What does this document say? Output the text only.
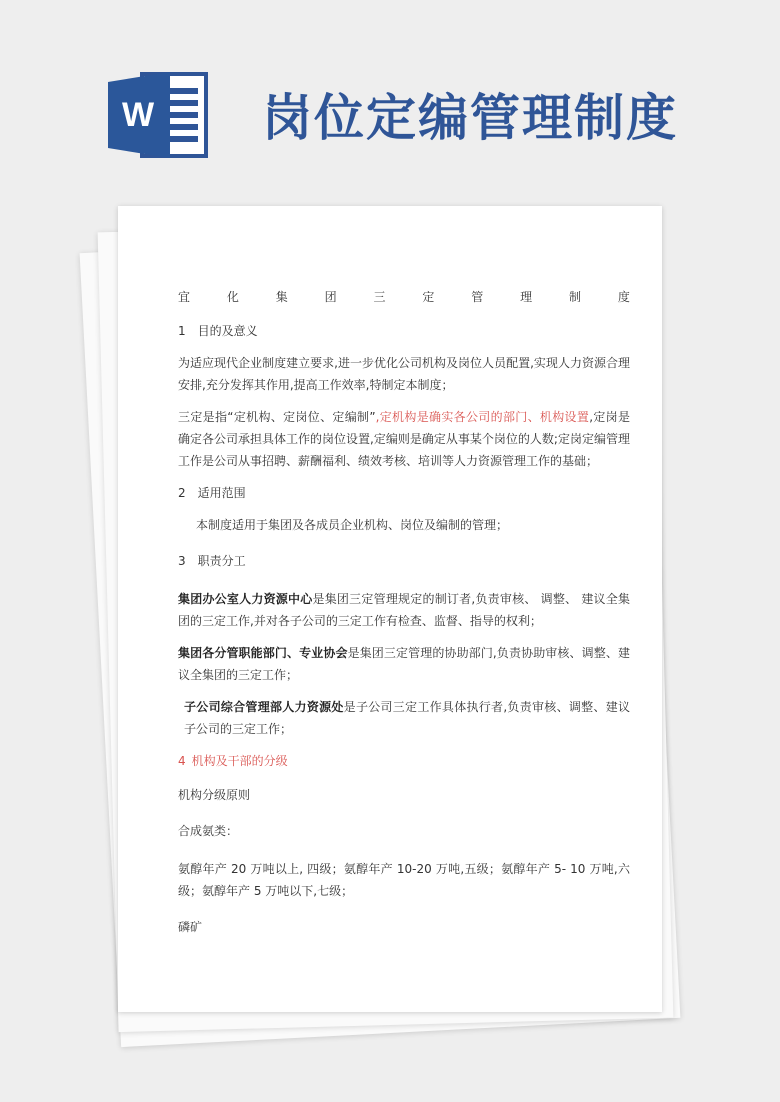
W 岗位定编管理制度
宜	化	集	团	三	定	管	理	制	度
1 目的及意义

为适应现代企业制度建立要求,进一步优化公司机构及岗位人员配置,实现人力资源合理安排,充分发挥其作用,提高工作效率,特制定本制度；

三定是指“定机构、定岗位、定编制”,定机构是确实各公司的部门、机构设置,定岗是确定各公司承担具体工作的岗位设置,定编则是确定从事某个岗位的人数;定岗定编管理工作是公司从事招聘、薪酬福利、绩效考核、培训等人力资源管理工作的基础；

2 适用范围

本制度适用于集团及各成员企业机构、岗位及编制的管理；

3 职责分工

集团办公室人力资源中心是集团三定管理规定的制订者,负责审核、 调整、 建议全集团的三定工作,并对各子公司的三定工作有检查、监督、指导的权利；

集团各分管职能部门、专业协会是集团三定管理的协助部门,负责协助审核、调整、建议全集团的三定工作；

子公司综合管理部人力资源处是子公司三定工作具体执行者,负责审核、调整、建议子公司的三定工作；

4 机构及干部的分级

机构分级原则

合成氨类：

氨醇年产 20 万吨以上, 四级；氨醇年产 10-20 万吨,五级；氨醇年产 5- 10 万吨,六级；氨醇年产 5 万吨以下,七级；

磷矿
